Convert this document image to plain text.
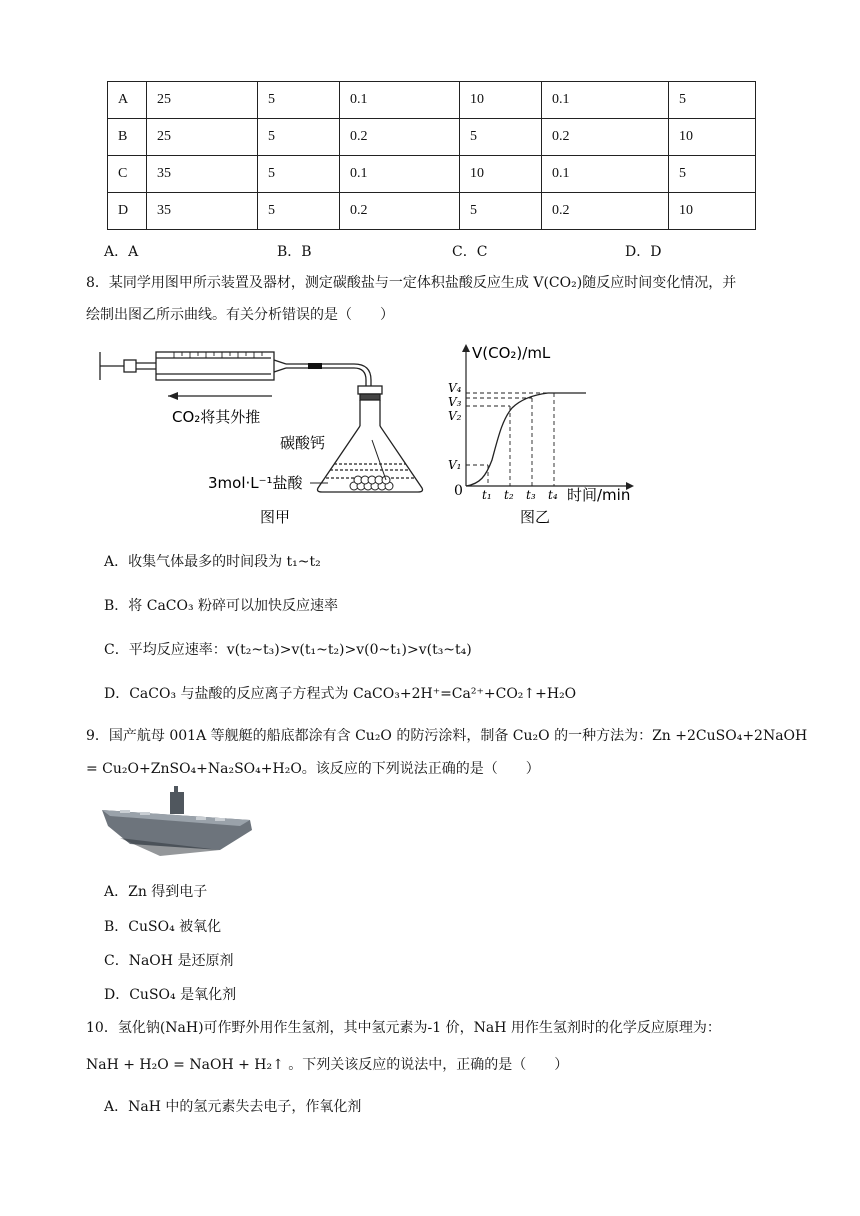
A	25	5	0.1	10	0.1	5
B	25	5	0.2	5	0.2	10
C	35	5	0.1	10	0.1	5
D	35	5	0.2	5	0.2	10
A．A	B．B	C．C	D．D
8．某同学用图甲所示装置及器材，测定碳酸盐与一定体积盐酸反应生成 V(CO₂)随反应时间变化情况，并
绘制出图乙所示曲线。有关分析错误的是（　　）
CO₂将其外推
碳酸钙
3mol·L⁻¹盐酸
图甲
V(CO₂)/mL
时间/min
0 t₁ t₂ t₃ t₄
V₁
V₂
V₃
V₄
图乙
A．收集气体最多的时间段为 t₁~t₂
B．将 CaCO₃ 粉碎可以加快反应速率
C．平均反应速率：v(t₂~t₃)>v(t₁~t₂)>v(0~t₁)>v(t₃~t₄)
D．CaCO₃ 与盐酸的反应离子方程式为 CaCO₃+2H⁺=Ca²⁺+CO₂↑+H₂O
9．国产航母 001A 等舰艇的船底都涂有含 Cu₂O 的防污涂料，制备 Cu₂O 的一种方法为：Zn +2CuSO₄+2NaOH
= Cu₂O+ZnSO₄+Na₂SO₄+H₂O。该反应的下列说法正确的是（　　）
A．Zn 得到电子
B．CuSO₄ 被氧化
C．NaOH 是还原剂
D．CuSO₄ 是氧化剂
10．氢化钠(NaH)可作野外用作生氢剂，其中氢元素为-1 价，NaH 用作生氢剂时的化学反应原理为：
NaH + H₂O = NaOH + H₂↑ 。下列关该反应的说法中，正确的是（　　）
A．NaH 中的氢元素失去电子，作氧化剂
